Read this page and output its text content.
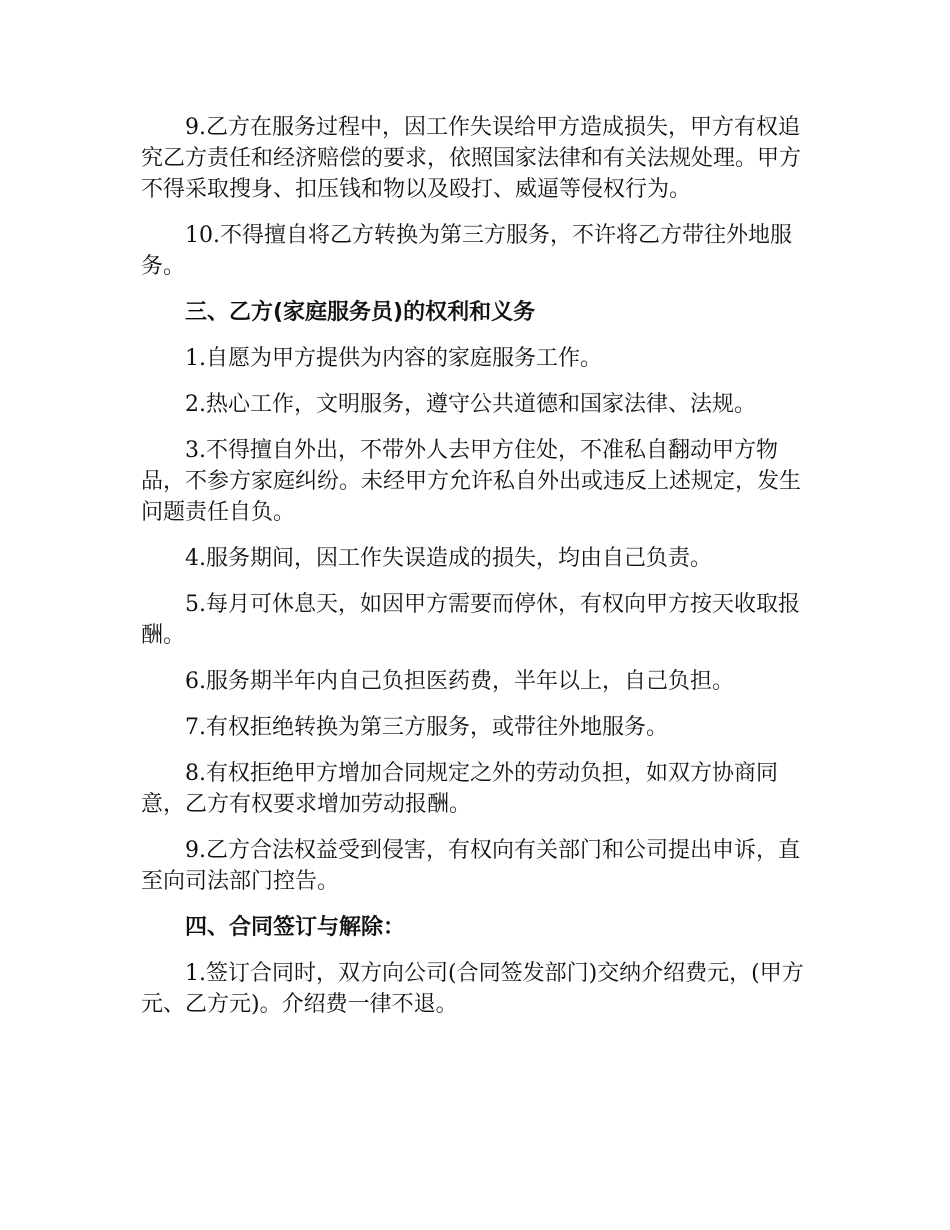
9.乙方在服务过程中，因工作失误给甲方造成损失，甲方有权追究乙方责任和经济赔偿的要求，依照国家法律和有关法规处理。甲方不得采取搜身、扣压钱和物以及殴打、威逼等侵权行为。

10.不得擅自将乙方转换为第三方服务，不许将乙方带往外地服务。

三、乙方(家庭服务员)的权利和义务

1.自愿为甲方提供为内容的家庭服务工作。

2.热心工作，文明服务，遵守公共道德和国家法律、法规。

3.不得擅自外出，不带外人去甲方住处，不准私自翻动甲方物品，不参方家庭纠纷。未经甲方允许私自外出或违反上述规定，发生问题责任自负。

4.服务期间，因工作失误造成的损失，均由自己负责。

5.每月可休息天，如因甲方需要而停休，有权向甲方按天收取报酬。

6.服务期半年内自己负担医药费，半年以上，自己负担。

7.有权拒绝转换为第三方服务，或带往外地服务。

8.有权拒绝甲方增加合同规定之外的劳动负担，如双方协商同意，乙方有权要求增加劳动报酬。

9.乙方合法权益受到侵害，有权向有关部门和公司提出申诉，直至向司法部门控告。

四、合同签订与解除：

1.签订合同时，双方向公司(合同签发部门)交纳介绍费元，(甲方元、乙方元)。介绍费一律不退。
